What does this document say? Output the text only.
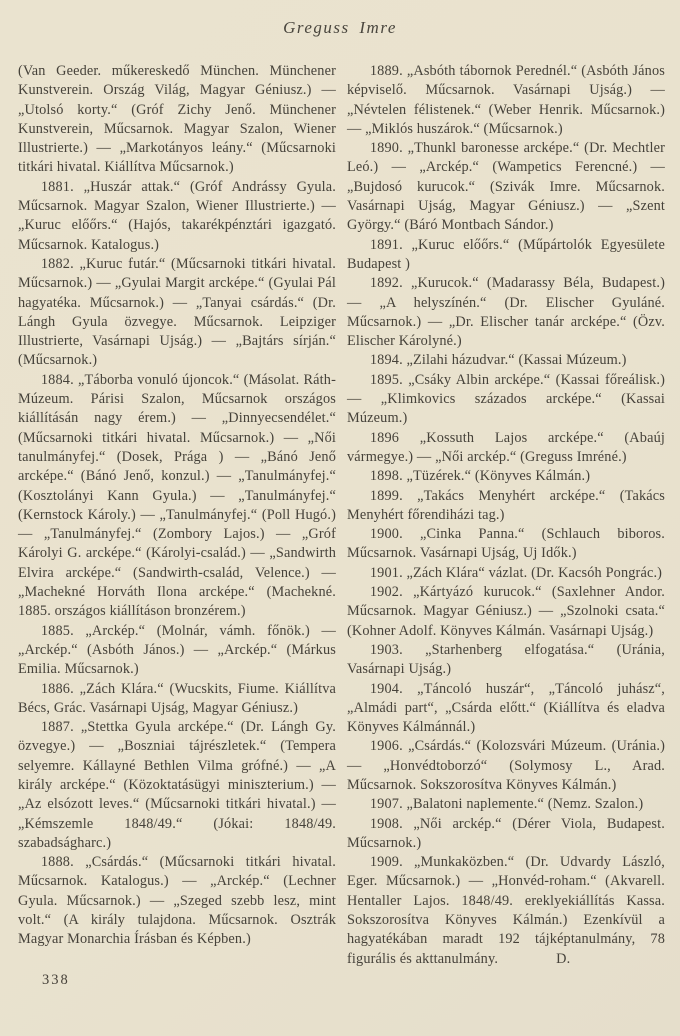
Greguss Imre

(Van Geeder. műkereskedő München. Münchener Kunstverein. Ország Világ, Magyar Géniusz.) — „Utolsó korty.“ (Gróf Zichy Jenő. Münchener Kunstverein, Műcsarnok. Magyar Szalon, Wiener Illustrierte.) — „Markotányos leány.“ (Műcsarnoki titkári hivatal. Kiállítva Műcsarnok.)

1881. „Huszár attak.“ (Gróf Andrássy Gyula. Műcsarnok. Magyar Szalon, Wiener Illustrierte.) — „Kuruc előőrs.“ (Hajós, takarékpénztári igazgató. Műcsarnok. Katalogus.)

1882. „Kuruc futár.“ (Műcsarnoki titkári hivatal. Műcsarnok.) — „Gyulai Margit arcképe.“ (Gyulai Pál hagyatéka. Műcsarnok.) — „Tanyai csárdás.“ (Dr. Lángh Gyula özvegye. Műcsarnok. Leipziger Illustrierte, Vasárnapi Ujság.) — „Bajtárs sírján.“ (Műcsarnok.)

1884. „Táborba vonuló újoncok.“ (Másolat. Ráth-Múzeum. Párisi Szalon, Műcsarnok országos kiállításán nagy érem.) — „Dinnyecsendélet.“ (Műcsarnoki titkári hivatal. Műcsarnok.) — „Női tanulmányfej.“ (Dosek, Prága ) — „Bánó Jenő arcképe.“ (Bánó Jenő, konzul.) — „Tanulmányfej.“ (Kosztolányi Kann Gyula.) — „Tanulmányfej.“ (Kernstock Károly.) — „Tanulmányfej.“ (Poll Hugó.) — „Tanulmányfej.“ (Zombory Lajos.) — „Gróf Károlyi G. arcképe.“ (Károlyi-család.) — „Sandwirth Elvira arcképe.“ (Sandwirth-család, Velence.) — „Machekné Horváth Ilona arcképe.“ (Machekné. 1885. országos kiállításon bronzérem.)

1885. „Arckép.“ (Molnár, vámh. főnök.) — „Arckép.“ (Asbóth János.) — „Arckép.“ (Márkus Emilia. Műcsarnok.)

1886. „Zách Klára.“ (Wucskits, Fiume. Kiállítva Bécs, Grác. Vasárnapi Ujság, Magyar Géniusz.)

1887. „Stettka Gyula arcképe.“ (Dr. Lángh Gy. özvegye.) — „Boszniai tájrészletek.“ (Tempera selyemre. Kállayné Bethlen Vilma grófné.) — „A király arcképe.“ (Közoktatásügyi miniszterium.) — „Az elsózott leves.“ (Műcsarnoki titkári hivatal.) — „Kémszemle 1848/49.“ (Jókai: 1848/49. szabadságharc.)

1888. „Csárdás.“ (Műcsarnoki titkári hivatal. Műcsarnok. Katalogus.) — „Arckép.“ (Lechner Gyula. Műcsarnok.) — „Szeged szebb lesz, mint volt.“ (A király tulajdona. Műcsarnok. Osztrák Magyar Monarchia Írásban és Képben.)

1889. „Asbóth tábornok Perednél.“ (Asbóth János képviselő. Műcsarnok. Vasárnapi Ujság.) — „Névtelen félistenek.“ (Weber Henrik. Műcsarnok.) — „Miklós huszárok.“ (Műcsarnok.)

1890. „Thunkl baronesse arcképe.“ (Dr. Mechtler Leó.) — „Arckép.“ (Wampetics Ferencné.) — „Bujdosó kurucok.“ (Szivák Imre. Műcsarnok. Vasárnapi Ujság, Magyar Géniusz.) — „Szent György.“ (Báró Montbach Sándor.)

1891. „Kuruc előőrs.“ (Műpártolók Egyesülete Budapest )

1892. „Kurucok.“ (Madarassy Béla, Budapest.) — „A helyszínén.“ (Dr. Elischer Gyuláné. Műcsarnok.) — „Dr. Elischer tanár arcképe.“ (Özv. Elischer Károlyné.)

1894. „Zilahi házudvar.“ (Kassai Múzeum.)

1895. „Csáky Albin arcképe.“ (Kassai főreálisk.) — „Klimkovics százados arcképe.“ (Kassai Múzeum.)

1896 „Kossuth Lajos arcképe.“ (Abaúj vármegye.) — „Női arckép.“ (Greguss Imréné.)

1898. „Tüzérek.“ (Könyves Kálmán.)

1899. „Takács Menyhért arcképe.“ (Takács Menyhért főrendiházi tag.)

1900. „Cinka Panna.“ (Schlauch biboros. Műcsarnok. Vasárnapi Ujság, Uj Idők.)

1901. „Zách Klára“ vázlat. (Dr. Kacsóh Pongrác.)

1902. „Kártyázó kurucok.“ (Saxlehner Andor. Műcsarnok. Magyar Géniusz.) — „Szolnoki csata.“ (Kohner Adolf. Könyves Kálmán. Vasárnapi Ujság.)

1903. „Starhenberg elfogatása.“ (Uránia, Vasárnapi Ujság.)

1904. „Táncoló huszár“, „Táncoló juhász“, „Almádi part“, „Csárda előtt.“ (Kiállítva és eladva Könyves Kálmánnál.)

1906. „Csárdás.“ (Kolozsvári Múzeum. (Uránia.) — „Honvédtoborzó“ (Solymosy L., Arad. Műcsarnok. Sokszorosítva Könyves Kálmán.)

1907. „Balatoni naplemente.“ (Nemz. Szalon.)

1908. „Női arckép.“ (Dérer Viola, Budapest. Műcsarnok.)

1909. „Munkaközben.“ (Dr. Udvardy László, Eger. Műcsarnok.) — „Honvéd-roham.“ (Akvarell. Hentaller Lajos. 1848/49. ereklyekiállítás Kassa. Sokszorosítva Könyves Kálmán.) Ezenkívül a hagyatékában maradt 192 tájképtanulmány, 78 figurális és akttanulmány.	D.

338
